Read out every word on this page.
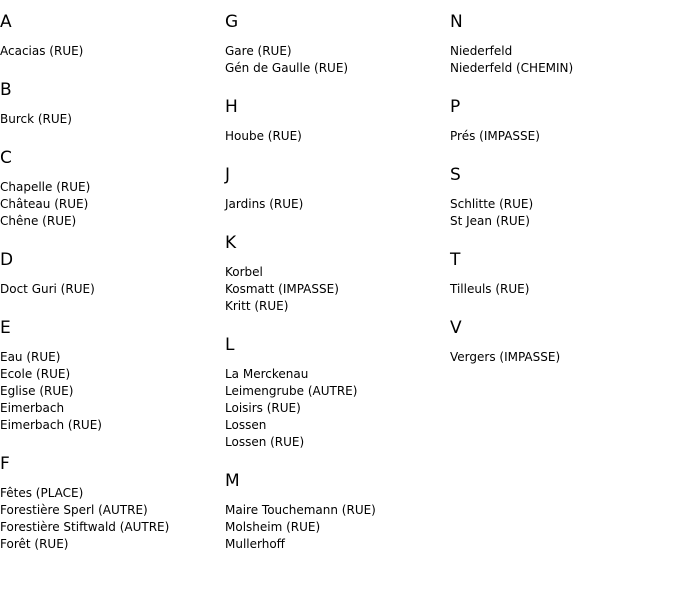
A
Acacias (RUE)
B
Burck (RUE)
C
Chapelle (RUE)
Château (RUE)
Chêne (RUE)
D
Doct Guri (RUE)
E
Eau (RUE)
Ecole (RUE)
Eglise (RUE)
Eimerbach
Eimerbach (RUE)
F
Fêtes (PLACE)
Forestière Sperl (AUTRE)
Forestière Stiftwald (AUTRE)
Forêt (RUE)
G
Gare (RUE)
Gén de Gaulle (RUE)
H
Hoube (RUE)
J
Jardins (RUE)
K
Korbel
Kosmatt (IMPASSE)
Kritt (RUE)
L
La Merckenau
Leimengrube (AUTRE)
Loisirs (RUE)
Lossen
Lossen (RUE)
M
Maire Touchemann (RUE)
Molsheim (RUE)
Mullerhoff
N
Niederfeld
Niederfeld (CHEMIN)
P
Prés (IMPASSE)
S
Schlitte (RUE)
St Jean (RUE)
T
Tilleuls (RUE)
V
Vergers (IMPASSE)
